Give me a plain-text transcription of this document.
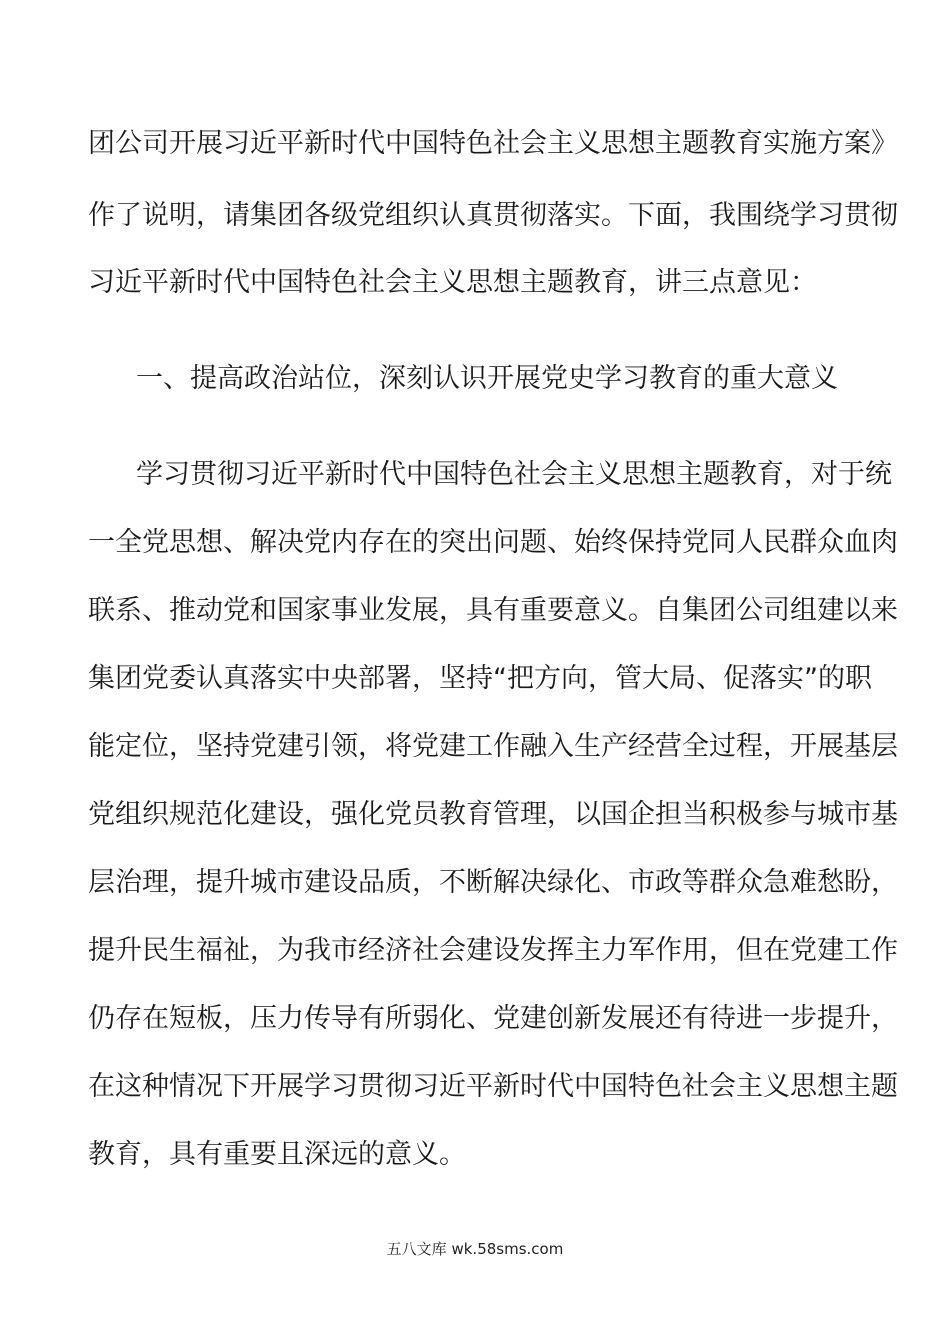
团公司开展习近平新时代中国特色社会主义思想主题教育实施方案》
作了说明，请集团各级党组织认真贯彻落实。下面，我围绕学习贯彻
习近平新时代中国特色社会主义思想主题教育，讲三点意见：
一、提高政治站位，深刻认识开展党史学习教育的重大意义
学习贯彻习近平新时代中国特色社会主义思想主题教育，对于统
一全党思想、解决党内存在的突出问题、始终保持党同人民群众血肉
联系、推动党和国家事业发展，具有重要意义。自集团公司组建以来
集团党委认真落实中央部署，坚持“把方向，管大局、促落实”的职
能定位，坚持党建引领，将党建工作融入生产经营全过程，开展基层
党组织规范化建设，强化党员教育管理，以国企担当积极参与城市基
层治理，提升城市建设品质，不断解决绿化、市政等群众急难愁盼，
提升民生福祉，为我市经济社会建设发挥主力军作用，但在党建工作
仍存在短板，压力传导有所弱化、党建创新发展还有待进一步提升，
在这种情况下开展学习贯彻习近平新时代中国特色社会主义思想主题
教育，具有重要且深远的意义。
五八文库 wk.58sms.com
